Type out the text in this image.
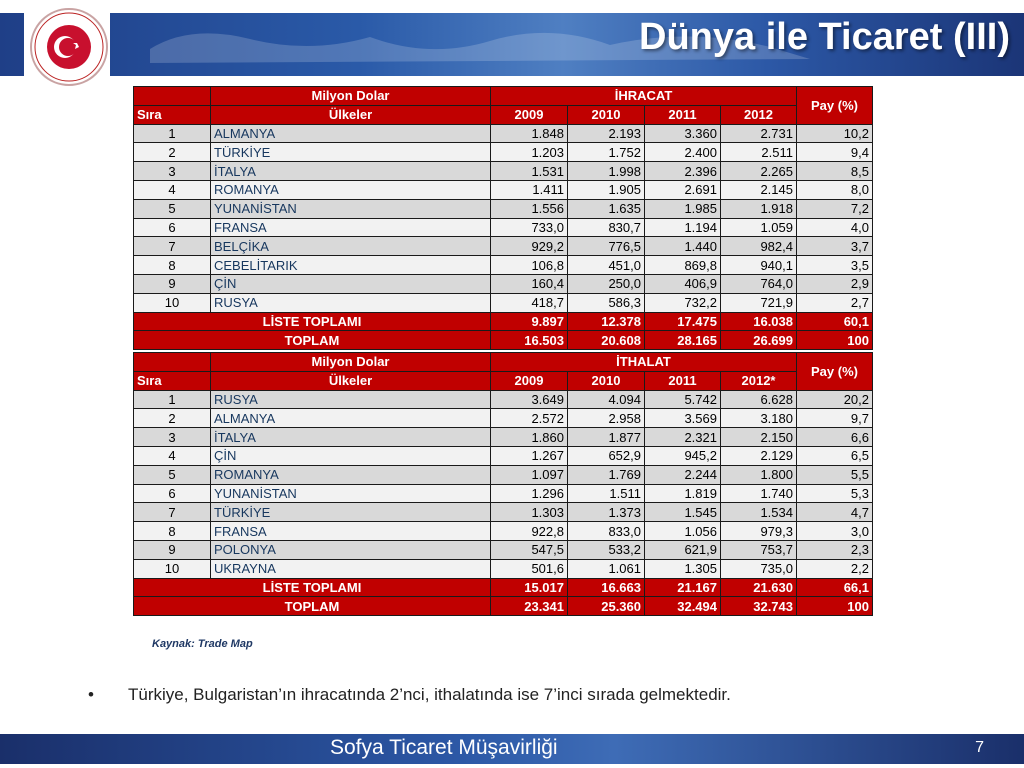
Dünya ile Ticaret (III)
	Milyon Dolar	İHRACAT				Pay (%)
Sıra	Ülkeler	2009	2010	2011	2012	
1	ALMANYA	1.848	2.193	3.360	2.731	10,2
2	TÜRKİYE	1.203	1.752	2.400	2.511	9,4
3	İTALYA	1.531	1.998	2.396	2.265	8,5
4	ROMANYA	1.411	1.905	2.691	2.145	8,0
5	YUNANİSTAN	1.556	1.635	1.985	1.918	7,2
6	FRANSA	733,0	830,7	1.194	1.059	4,0
7	BELÇİKA	929,2	776,5	1.440	982,4	3,7
8	CEBELİTARIK	106,8	451,0	869,8	940,1	3,5
9	ÇİN	160,4	250,0	406,9	764,0	2,9
10	RUSYA	418,7	586,3	732,2	721,9	2,7
LİSTE TOPLAMI		9.897	12.378	17.475	16.038	60,1
TOPLAM		16.503	20.608	28.165	26.699	100
	Milyon Dolar	İTHALAT				Pay (%)
Sıra	Ülkeler	2009	2010	2011	2012*	
1	RUSYA	3.649	4.094	5.742	6.628	20,2
2	ALMANYA	2.572	2.958	3.569	3.180	9,7
3	İTALYA	1.860	1.877	2.321	2.150	6,6
4	ÇİN	1.267	652,9	945,2	2.129	6,5
5	ROMANYA	1.097	1.769	2.244	1.800	5,5
6	YUNANİSTAN	1.296	1.511	1.819	1.740	5,3
7	TÜRKİYE	1.303	1.373	1.545	1.534	4,7
8	FRANSA	922,8	833,0	1.056	979,3	3,0
9	POLONYA	547,5	533,2	621,9	753,7	2,3
10	UKRAYNA	501,6	1.061	1.305	735,0	2,2
LİSTE TOPLAMI		15.017	16.663	21.167	21.630	66,1
TOPLAM		23.341	25.360	32.494	32.743	100
Kaynak: Trade Map
• Türkiye, Bulgaristan’ın ihracatında 2’nci, ithalatında ise 7’inci sırada gelmektedir.
Sofya Ticaret Müşavirliği	7
